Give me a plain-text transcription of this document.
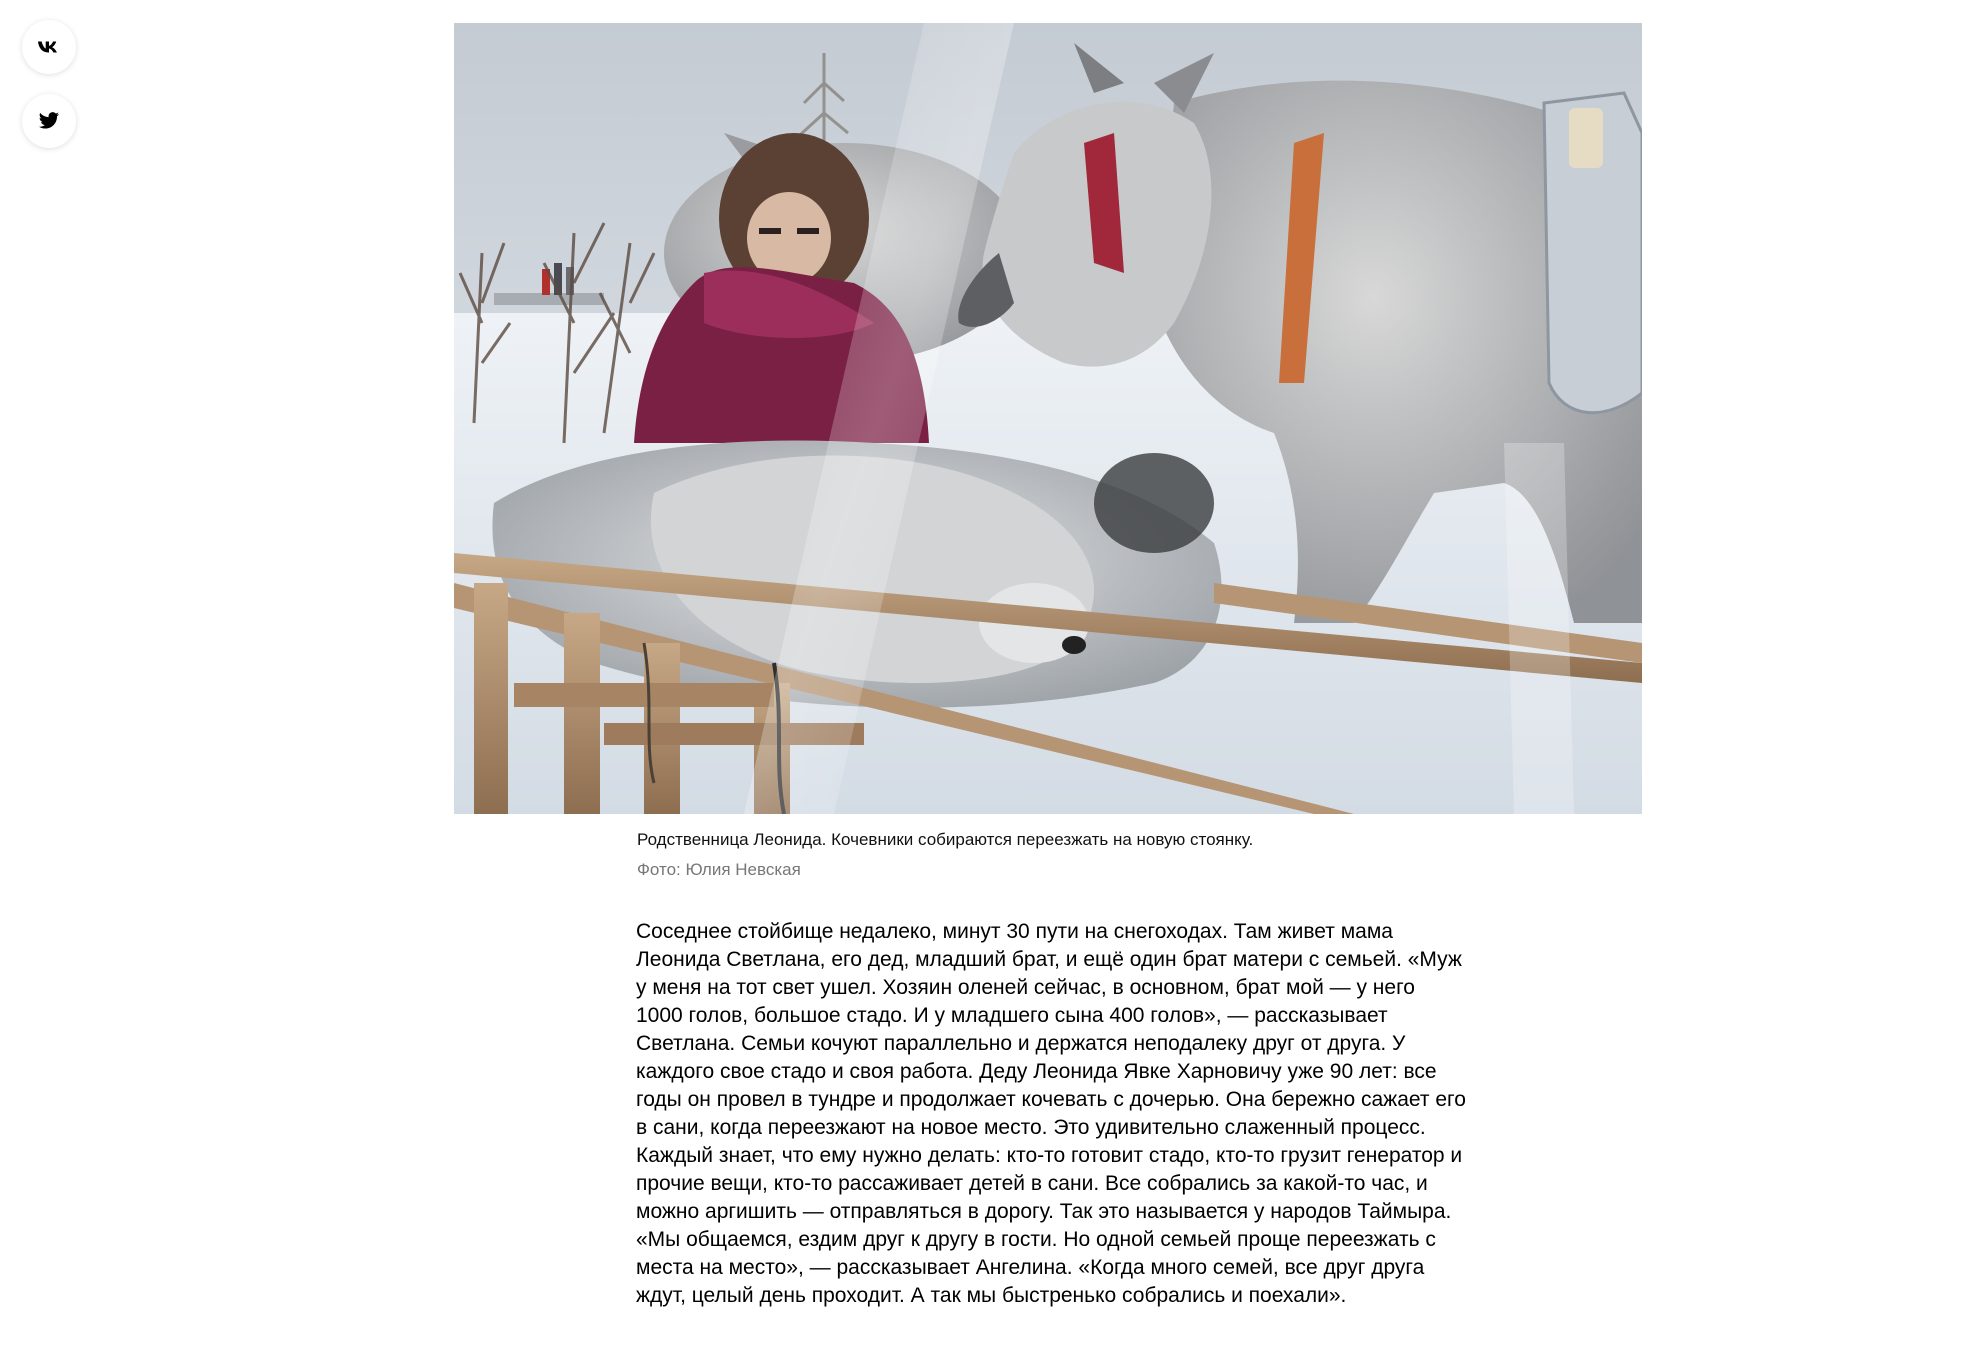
Родственница Леонида. Кочевники собираются переезжать на новую стоянку.

Фото: Юлия Невская

Соседнее стойбище недалеко, минут 30 пути на снегоходах. Там живет мама Леонида Светлана, его дед, младший брат, и ещё один брат матери с семьей. «Муж у меня на тот свет ушел. Хозяин оленей сейчас, в основном, брат мой — у него 1000 голов, большое стадо. И у младшего сына 400 голов», — рассказывает Светлана. Семьи кочуют параллельно и держатся неподалеку друг от друга. У каждого свое стадо и своя работа. Деду Леонида Явке Харновичу уже 90 лет: все годы он провел в тундре и продолжает кочевать с дочерью. Она бережно сажает его в сани, когда переезжают на новое место. Это удивительно слаженный процесс. Каждый знает, что ему нужно делать: кто-то готовит стадо, кто-то грузит генератор и прочие вещи, кто-то рассаживает детей в сани. Все собрались за какой-то час, и можно аргишить — отправляться в дорогу. Так это называется у народов Таймыра. «Мы общаемся, ездим друг к другу в гости. Но одной семьей проще переезжать с места на место», — рассказывает Ангелина. «Когда много семей, все друг друга ждут, целый день проходит. А так мы быстренько собрались и поехали».
